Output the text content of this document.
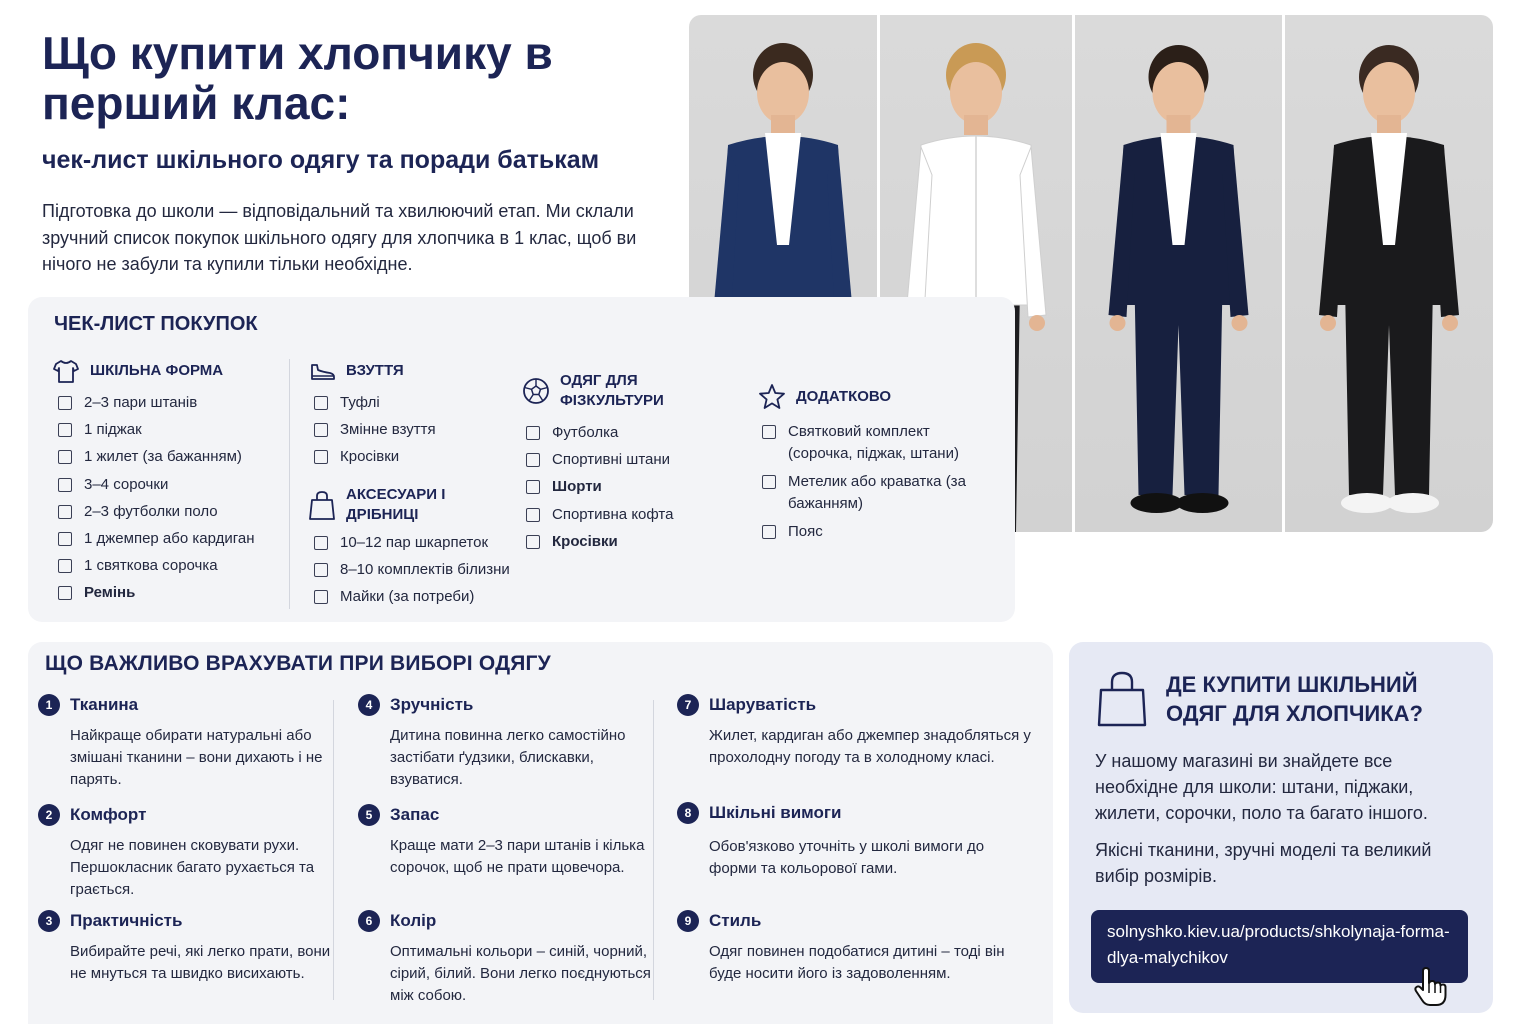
Що купити хлопчику в перший клас:
чек-лист шкільного одягу та поради батькам

Підготовка до школи — відповідальний та хвилюючий етап. Ми склали зручний список покупок шкільного одягу для хлопчика в 1 клас, щоб ви нічого не забули та купили тільки необхідне.

ЧЕК-ЛИСТ ПОКУПОК
ШКІЛЬНА ФОРМА
2–3 пари штанів
1 піджак
1 жилет (за бажанням)
3–4 сорочки
2–3 футболки поло
1 джемпер або кардиган
1 святкова сорочка
Ремінь
ВЗУТТЯ
Туфлі
Змінне взуття
Кросівки
АКСЕСУАРИ І ДРІБНИЦІ
10–12 пар шкарпеток
8–10 комплектів білизни
Майки (за потреби)
ОДЯГ ДЛЯ ФІЗКУЛЬТУРИ
Футболка
Спортивні штани
Шорти
Спортивна кофта
Кросівки
ДОДАТКОВО
Святковий комплект (сорочка, піджак, штани)
Метелик або краватка (за бажанням)
Пояс
ЩО ВАЖЛИВО ВРАХУВАТИ ПРИ ВИБОРІ ОДЯГУ
1	Тканина
Найкраще обирати натуральні або змішані тканини – вони дихають і не парять.
2	Комфорт
Одяг не повинен сковувати рухи. Першокласник багато рухається та грається.
3	Практичність
Вибирайте речі, які легко прати, вони не мнуться та швидко висихають.
4	Зручність
Дитина повинна легко самостійно застібати ґудзики, блискавки, взуватися.
5	Запас
Краще мати 2–3 пари штанів і кілька сорочок, щоб не прати щовечора.
6	Колір
Оптимальні кольори – синій, чорний, сірий, білий. Вони легко поєднуються між собою.
7	Шаруватість
Жилет, кардиган або джемпер знадобляться у прохолодну погоду та в холодному класі.
8	Шкільні вимоги
Обов'язково уточніть у школі вимоги до форми та кольорової гами.
9	Стиль
Одяг повинен подобатися дитині – тоді він буде носити його із задоволенням.
ДЕ КУПИТИ ШКІЛЬНИЙ ОДЯГ ДЛЯ ХЛОПЧИКА?

У нашому магазині ви знайдете все необхідне для школи: штани, піджаки, жилети, сорочки, поло та багато іншого.

Якісні тканини, зручні моделі та великий вибір розмірів.

solnyshko.kiev.ua/products/shkolynaja-forma-dlya-malychikov
